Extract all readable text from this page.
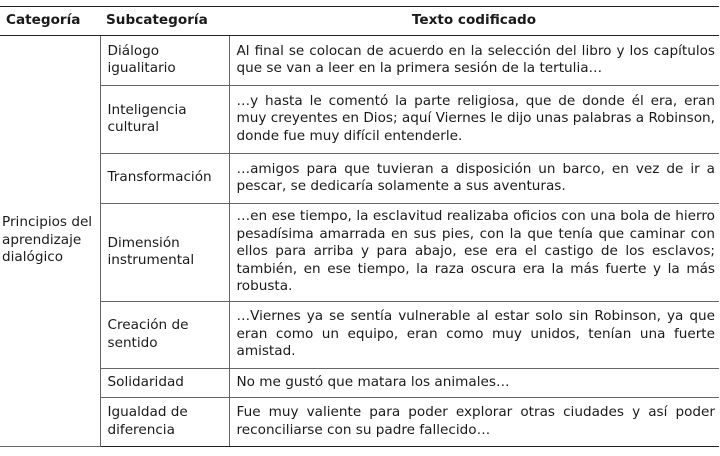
Categoría	Subcategoría	Texto codificado
Principios del aprendizaje dialógico	Diálogo igualitario	Al final se colocan de acuerdo en la selección del libro y los capítulos que se van a leer en la primera sesión de la tertulia…
	Inteligencia cultural	…y hasta le comentó la parte religiosa, que de donde él era, eran muy creyentes en Dios; aquí Viernes le dijo unas palabras a Robinson, donde fue muy difícil entenderle.
	Transformación	…amigos para que tuvieran a disposición un barco, en vez de ir a pescar, se dedicaría solamente a sus aventuras.
	Dimensión instrumental	…en ese tiempo, la esclavitud realizaba oficios con una bola de hierro pesadísima amarrada en sus pies, con la que tenía que caminar con ellos para arriba y para abajo, ese era el castigo de los esclavos; también, en ese tiempo, la raza oscura era la más fuerte y la más robusta.
	Creación de sentido	…Viernes ya se sentía vulnerable al estar solo sin Robinson, ya que eran como un equipo, eran como muy unidos, tenían una fuerte amistad.
	Solidaridad	No me gustó que matara los animales…
	Igualdad de diferencia	Fue muy valiente para poder explorar otras ciudades y así poder reconciliarse con su padre fallecido…
